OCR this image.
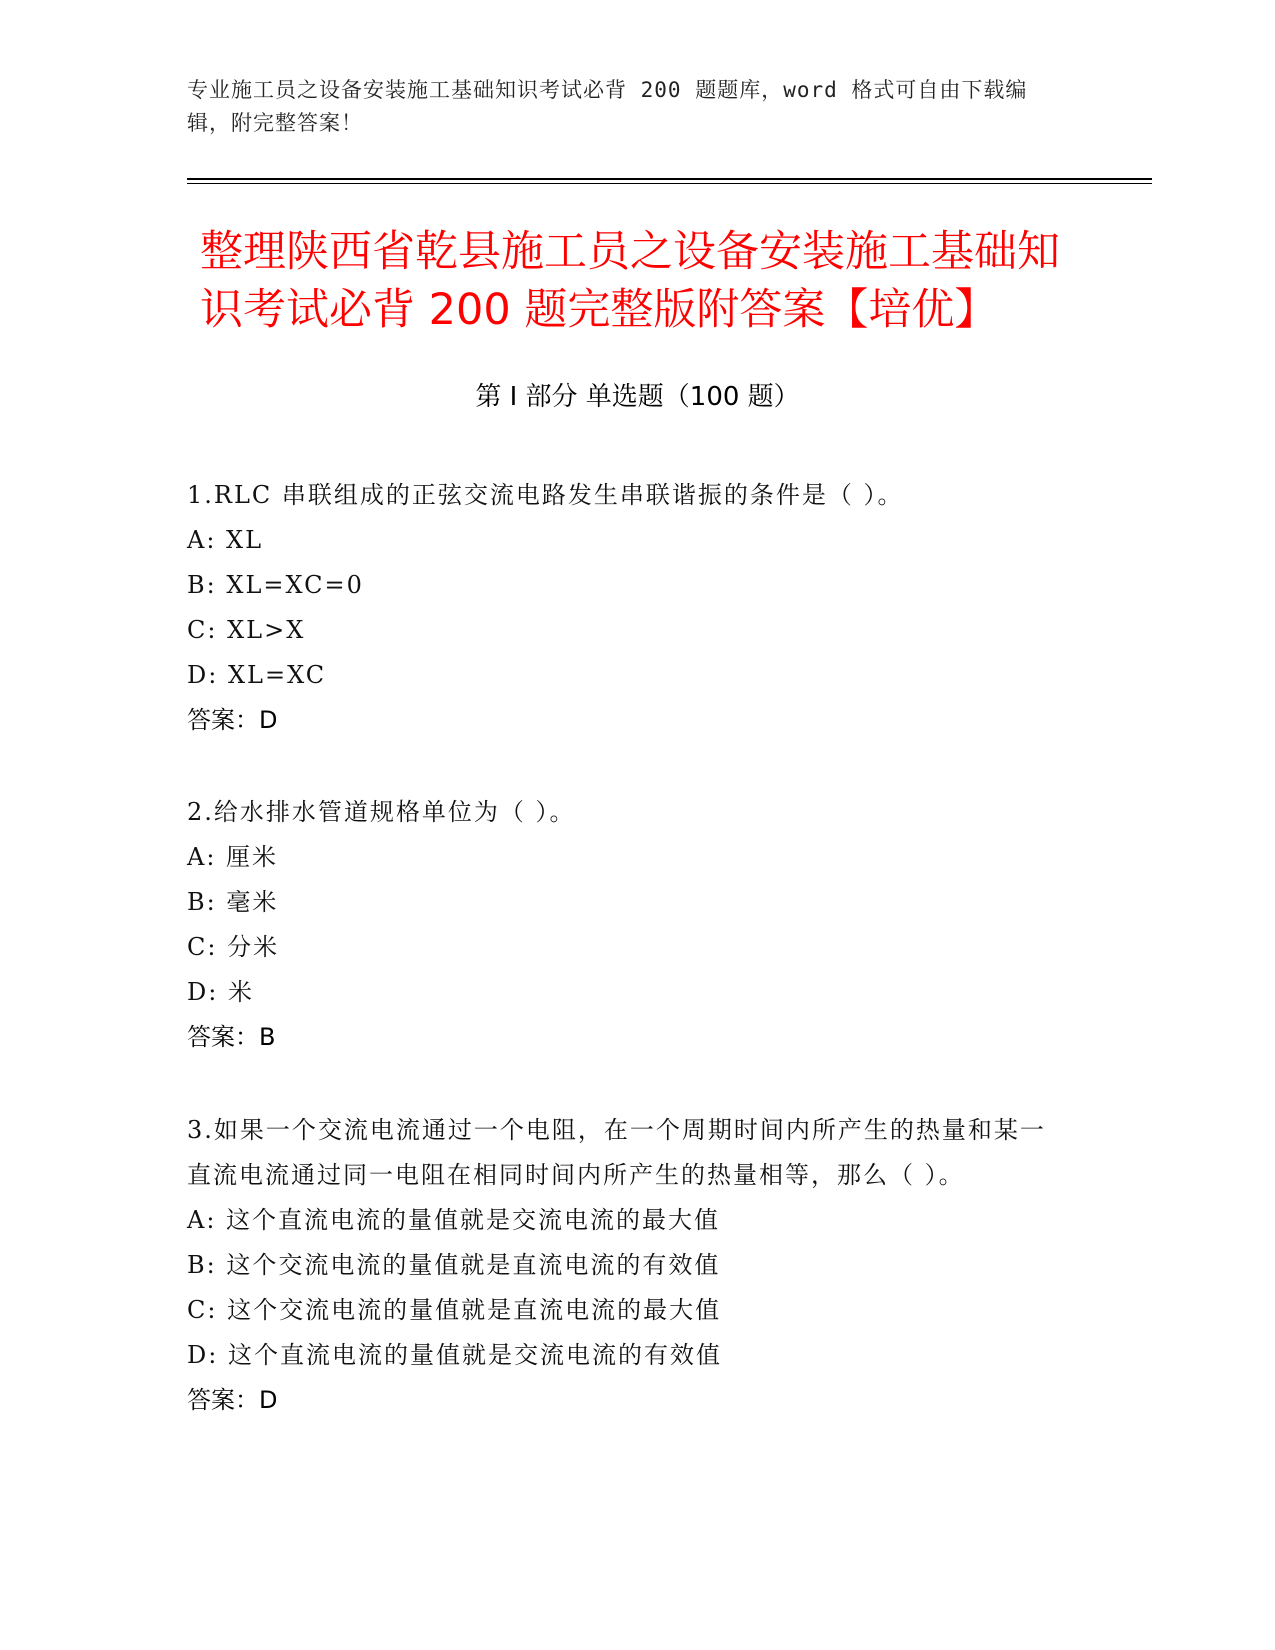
专业施工员之设备安装施工基础知识考试必背 200 题题库，word 格式可自由下载编辑，附完整答案！
整理陕西省乾县施工员之设备安装施工基础知识考试必背 200 题完整版附答案【培优】
第 I 部分 单选题（100 题）
1.RLC 串联组成的正弦交流电路发生串联谐振的条件是（ ）。
A: XL
B: XL=XC=0
C: XL>X
D: XL=XC
答案：D
2.给水排水管道规格单位为（ ）。
A: 厘米
B: 毫米
C: 分米
D: 米
答案：B
3.如果一个交流电流通过一个电阻，在一个周期时间内所产生的热量和某一直流电流通过同一电阻在相同时间内所产生的热量相等，那么（ ）。
A: 这个直流电流的量值就是交流电流的最大值
B: 这个交流电流的量值就是直流电流的有效值
C: 这个交流电流的量值就是直流电流的最大值
D: 这个直流电流的量值就是交流电流的有效值
答案：D
